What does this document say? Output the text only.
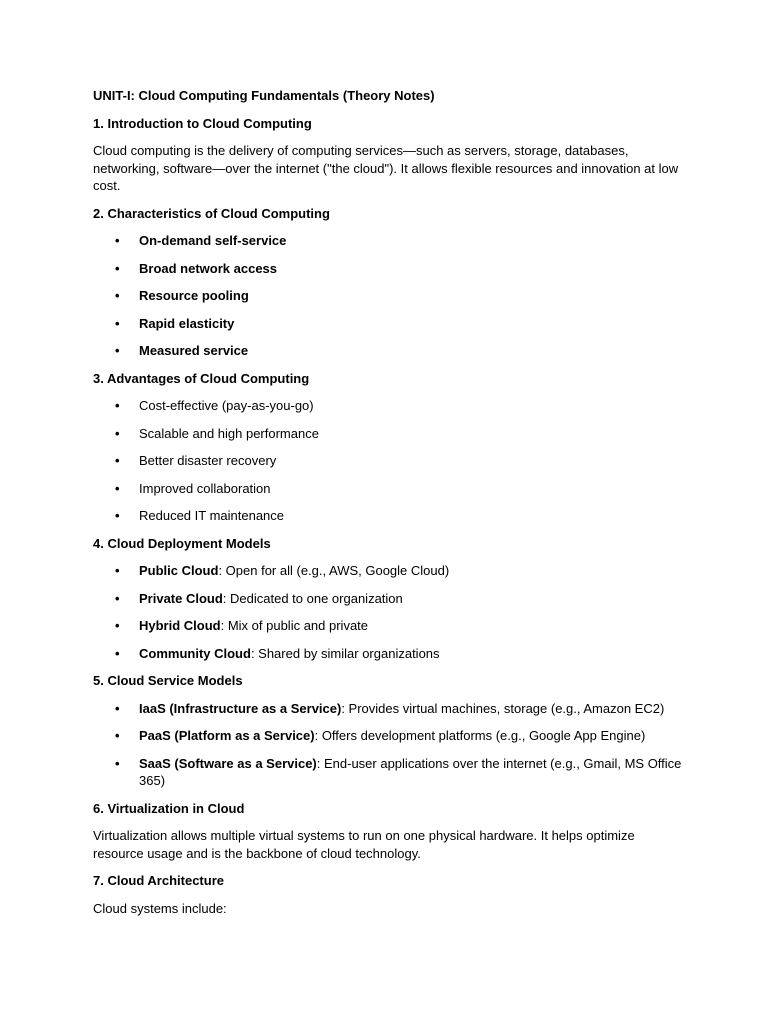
UNIT-I: Cloud Computing Fundamentals (Theory Notes)
1. Introduction to Cloud Computing

Cloud computing is the delivery of computing services—such as servers, storage, databases, networking, software—over the internet ("the cloud"). It allows flexible resources and innovation at low cost.

2. Characteristics of Cloud Computing
• On-demand self-service
• Broad network access
• Resource pooling
• Rapid elasticity
• Measured service
3. Advantages of Cloud Computing
• Cost-effective (pay-as-you-go)
• Scalable and high performance
• Better disaster recovery
• Improved collaboration
• Reduced IT maintenance
4. Cloud Deployment Models
• Public Cloud: Open for all (e.g., AWS, Google Cloud)
• Private Cloud: Dedicated to one organization
• Hybrid Cloud: Mix of public and private
• Community Cloud: Shared by similar organizations
5. Cloud Service Models
• IaaS (Infrastructure as a Service): Provides virtual machines, storage (e.g., Amazon EC2)
• PaaS (Platform as a Service): Offers development platforms (e.g., Google App Engine)
• SaaS (Software as a Service): End-user applications over the internet (e.g., Gmail, MS Office 365)
6. Virtualization in Cloud

Virtualization allows multiple virtual systems to run on one physical hardware. It helps optimize resource usage and is the backbone of cloud technology.

7. Cloud Architecture

Cloud systems include:
